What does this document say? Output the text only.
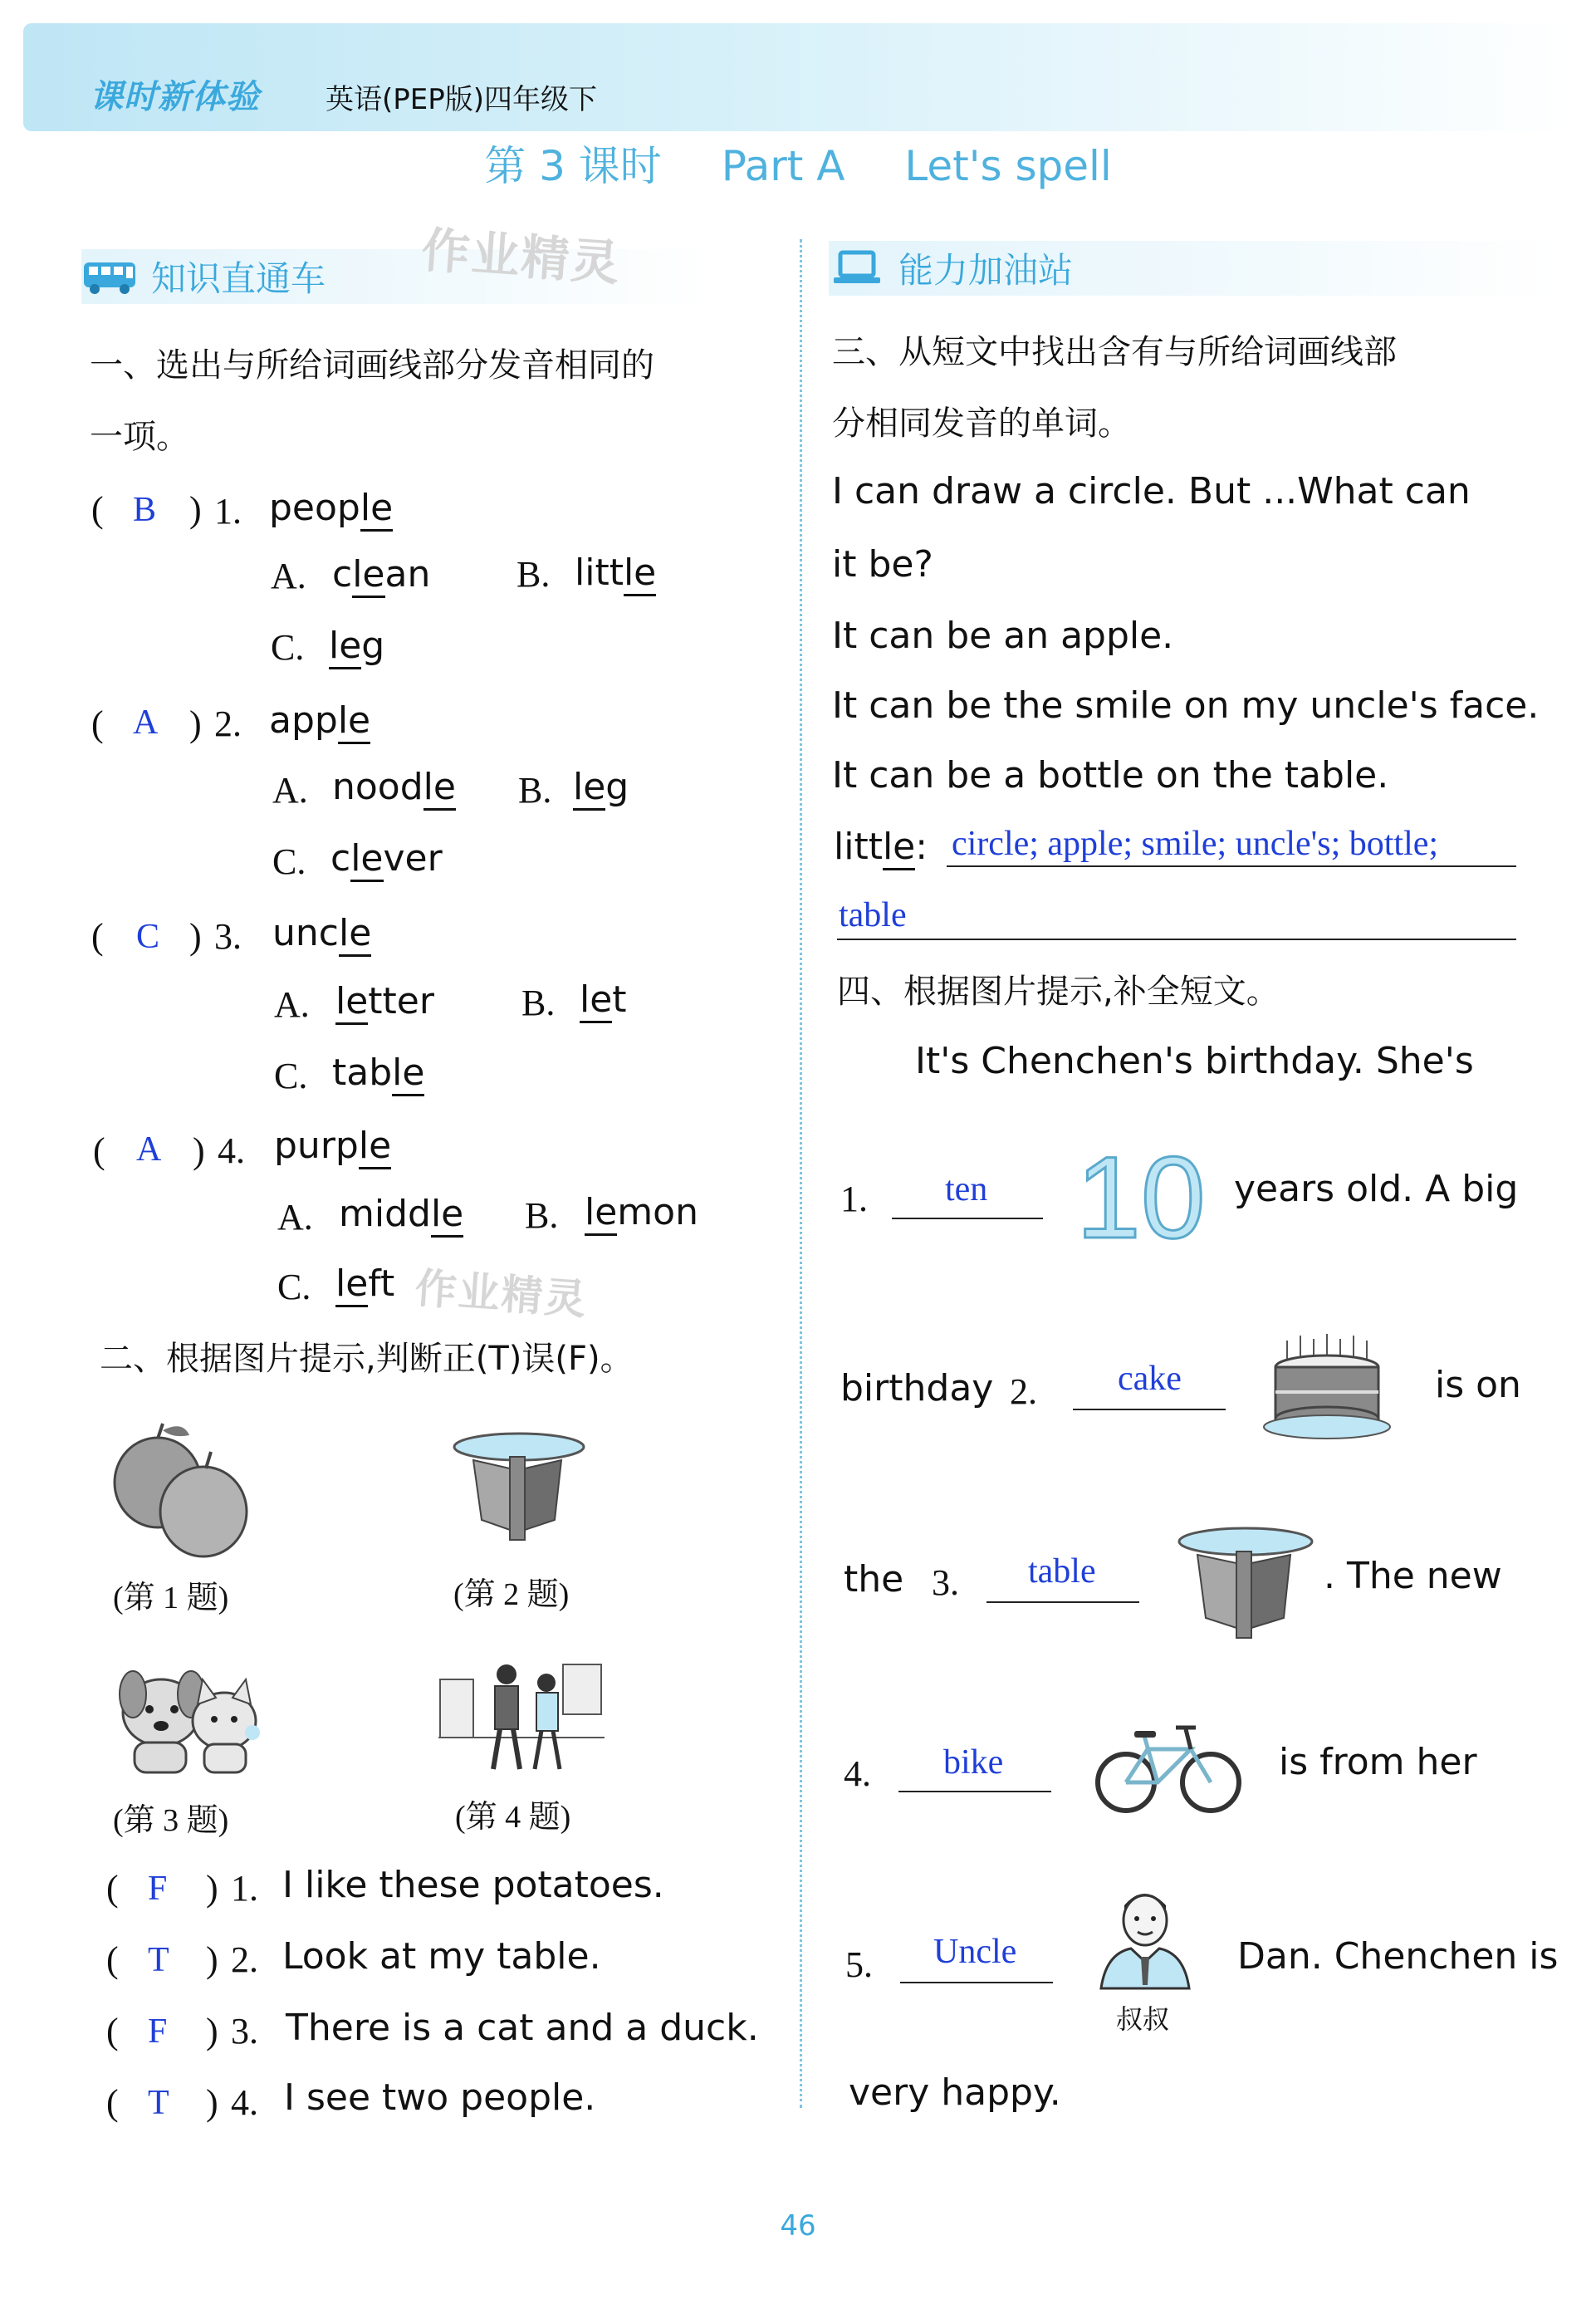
课时新体验 英语(PEP版)四年级下
第 3 课时 Part A Let's spell
知识直通车 作业精灵	能力加油站
一、选出与所给词画线部分发音相同的
一项。
( B ) 1. people
A. clean B. little
C. leg
( A ) 2. apple
A. noodle B. leg
C. clever
( C ) 3. uncle
A. letter B. let
C. table
( A ) 4. purple
A. middle B. lemon
C. left 作业精灵
二、根据图片提示,判断正(T)误(F)。
(第 1 题)	(第 2 题)
(第 3 题)	(第 4 题)
( F ) 1. I like these potatoes.
( T ) 2. Look at my table.
( F ) 3. There is a cat and a duck.
( T ) 4. I see two people.
三、从短文中找出含有与所给词画线部
分相同发音的单词。
I can draw a circle. But ...What can
it be?
It can be an apple.
It can be the smile on my uncle's face.
It can be a bottle on the table.
little: circle; apple; smile; uncle's; bottle;
table
四、根据图片提示,补全短文。
It's Chenchen's birthday. She's
1. ten 10 years old. A big
birthday 2. cake	is on
the 3. table	. The new
4. bike	is from her
5. Uncle
叔叔
Dan. Chenchen is
very happy.
46
